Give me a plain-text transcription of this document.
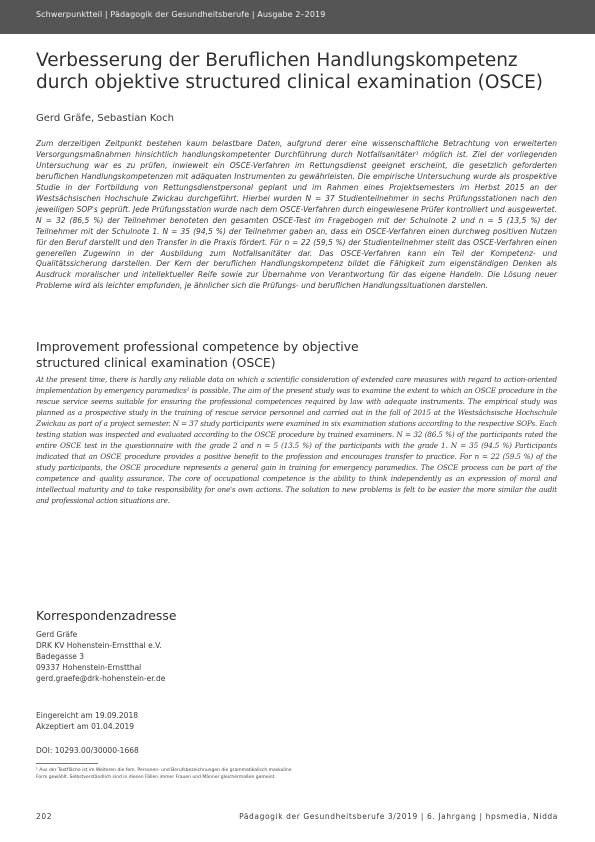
Schwerpunktteil | Pädagogik der Gesundheitsberufe | Ausgabe 2–2019
Verbesserung der Beruflichen Handlungskompetenz
durch objektive structured clinical examination (OSCE)
Gerd Gräfe, Sebastian Koch

Zum derzeitigen Zeitpunkt bestehen kaum belastbare Daten, aufgrund derer eine wissenschaftliche Betrachtung von erweiterten Versorgungsmaßnahmen hinsichtlich handlungskompetenter Durchführung durch Notfallsanitäter¹ möglich ist. Ziel der vorliegenden Untersuchung war es zu prüfen, inwieweit ein OSCE-Verfahren im Rettungsdienst geeignet erscheint, die gesetzlich geforderten beruflichen Handlungskompetenzen mit adäquaten Instrumenten zu gewährleisten. Die empirische Untersuchung wurde als prospektive Studie in der Fortbildung von Rettungsdienstpersonal geplant und im Rahmen eines Projektsemesters im Herbst 2015 an der Westsächsischen Hochschule Zwickau durchgeführt. Hierbei wurden N = 37 Studienteilnehmer in sechs Prüfungsstationen nach den jeweiligen SOP's geprüft. Jede Prüfungsstation wurde nach dem OSCE-Verfahren durch eingewiesene Prüfer kontrolliert und ausgewertet. N = 32 (86,5 %) der Teilnehmer benoteten den gesamten OSCE-Test im Fragebogen mit der Schulnote 2 und n = 5 (13,5 %) der Teilnehmer mit der Schulnote 1. N = 35 (94,5 %) der Teilnehmer gaben an, dass ein OSCE-Verfahren einen durchweg positiven Nutzen für den Beruf darstellt und den Transfer in die Praxis fördert. Für n = 22 (59,5 %) der Studienteilnehmer stellt das OSCE-Verfahren einen generellen Zugewinn in der Ausbildung zum Notfallsanitäter dar. Das OSCE-Verfahren kann ein Teil der Kompetenz- und Qualitätssicherung darstellen. Der Kern der beruflichen Handlungskompetenz bildet die Fähigkeit zum eigenständigen Denken als Ausdruck moralischer und intellektueller Reife sowie zur Übernahme von Verantwortung für das eigene Handeln. Die Lösung neuer Probleme wird als leichter empfunden, je ähnlicher sich die Prüfungs- und beruflichen Handlungssituationen darstellen.

Improvement professional competence by objective
structured clinical examination (OSCE)

At the present time, there is hardly any reliable data on which a scientific consideration of extended care measures with regard to action-oriented implementation by emergency paramedics¹ is possible. The aim of the present study was to examine the extent to which an OSCE procedure in the rescue service seems suitable for ensuring the professional competences required by law with adequate instruments. The empirical study was planned as a prospective study in the training of rescue service personnel and carried out in the fall of 2015 at the Westsächsische Hochschule Zwickau as part of a project semester. N = 37 study participants were examined in six examination stations according to the respective SOPs. Each testing station was inspected and evaluated according to the OSCE procedure by trained examiners. N = 32 (86.5 %) of the participants rated the entire OSCE test in the questionnaire with the grade 2 and n = 5 (13.5 %) of the participants with the grade 1. N = 35 (94.5 %) Participants indicated that an OSCE procedure provides a positive benefit to the profession and encourages transfer to practice. For n = 22 (59.5 %) of the study participants, the OSCE procedure represents a general gain in training for emergency paramedics. The OSCE process can be part of the competence and quality assurance. The core of occupational competence is the ability to think independently as an expression of moral and intellectual maturity and to take responsibility for one's own actions. The solution to new problems is felt to be easier the more similar the audit and professional action situations are.

Korrespondenzadresse
Gerd Gräfe
DRK KV Hohenstein-Ernstthal e.V.
Badegasse 3
09337 Hohenstein-Ernstthal
gerd.graefe@drk-hohenstein-er.de
Eingereicht am 19.09.2018
Akzeptiert am 01.04.2019
DOI: 10293.00/30000-1668
¹ Aus der Textfläche ist im Weiteren die fem. Personen- und Berufsbezeichnungen die grammatikalisch maskuline
Form gewählt. Selbstverständlich sind in diesen Fällen immer Frauen und Männer gleichermaßen gemeint.
202	Pädagogik der Gesundheitsberufe 3/2019 | 6. Jahrgang | hpsmedia, Nidda
